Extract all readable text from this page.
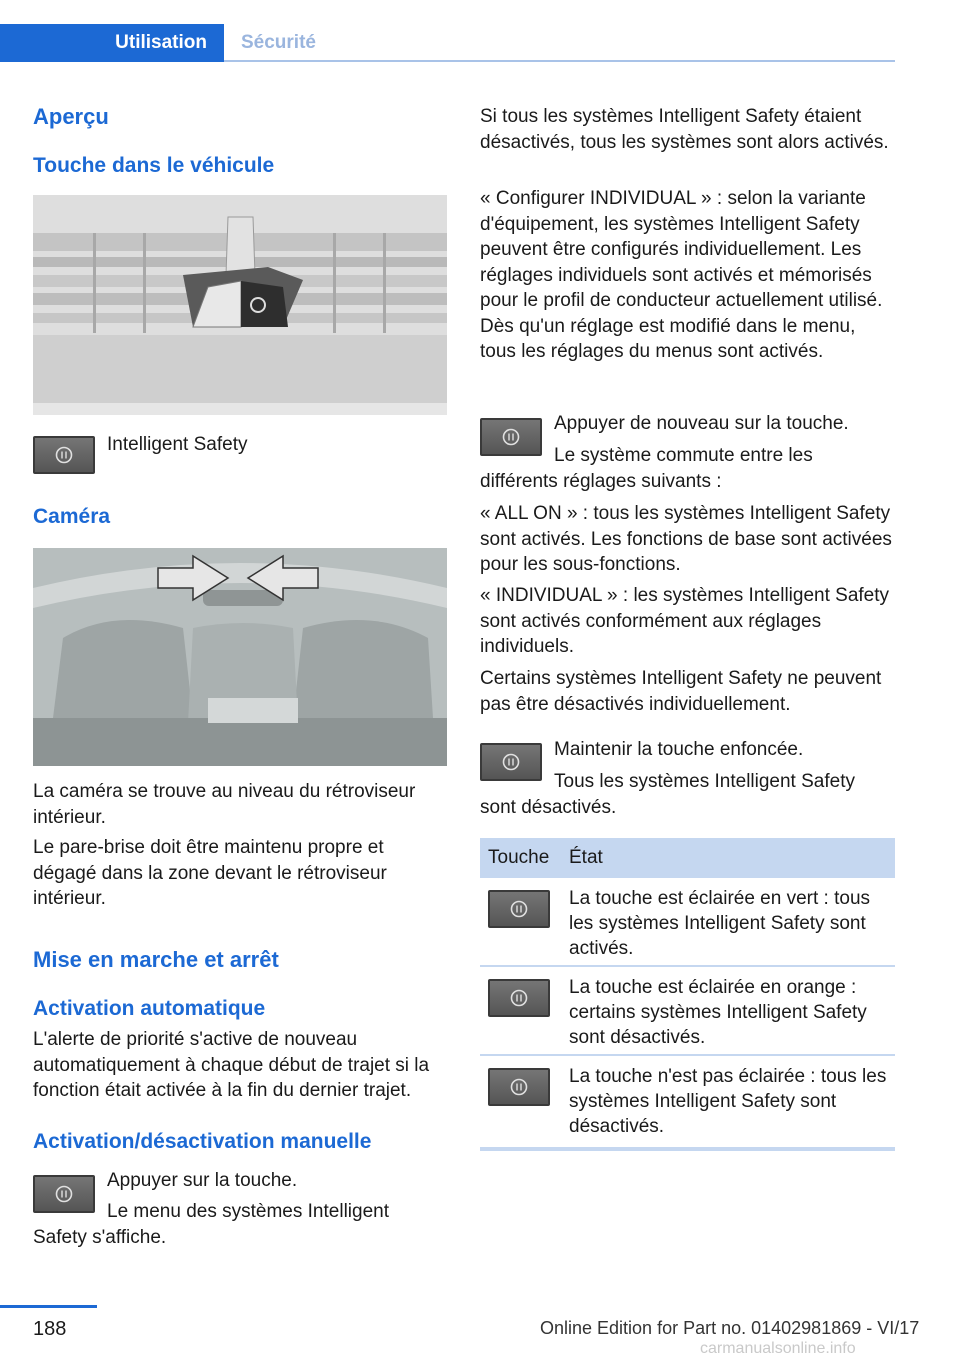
Utilisation	Sécurité
Aperçu
Touche dans le véhicule

Intelligent Safety

Caméra

La caméra se trouve au niveau du rétroviseur intérieur.

Le pare-brise doit être maintenu propre et dégagé dans la zone devant le rétroviseur intérieur.

Mise en marche et arrêt
Activation automatique

L'alerte de priorité s'active de nouveau automatiquement à chaque début de trajet si la fonction était activée à la fin du dernier trajet.

Activation/désactivation manuelle

Appuyer sur la touche.

Le menu des systèmes Intelligent Safety s'affiche.

Si tous les systèmes Intelligent Safety étaient désactivés, tous les systèmes sont alors activés.

« Configurer INDIVIDUAL » : selon la variante d'équipement, les systèmes Intelligent Safety peuvent être configurés individuellement. Les réglages individuels sont activés et mémorisés pour le profil de conducteur actuellement utilisé. Dès qu'un réglage est modifié dans le menu, tous les réglages du menus sont activés.

Appuyer de nouveau sur la touche.

Le système commute entre les différents réglages suivants :

« ALL ON » : tous les systèmes Intelligent Safety sont activés. Les fonctions de base sont activées pour les sous-fonctions.

« INDIVIDUAL » : les systèmes Intelligent Safety sont activés conformément aux réglages individuels.

Certains systèmes Intelligent Safety ne peuvent pas être désactivés individuellement.

Maintenir la touche enfoncée.

Tous les systèmes Intelligent Safety sont désactivés.

Touche	État
La touche est éclairée en vert : tous les systèmes Intelligent Safety sont activés.
La touche est éclairée en orange : certains systèmes Intelligent Safety sont désactivés.
La touche n'est pas éclairée : tous les systèmes Intelligent Safety sont désactivés.
188	Online Edition for Part no. 01402981869 - VI/17
carmanualsonline.info
